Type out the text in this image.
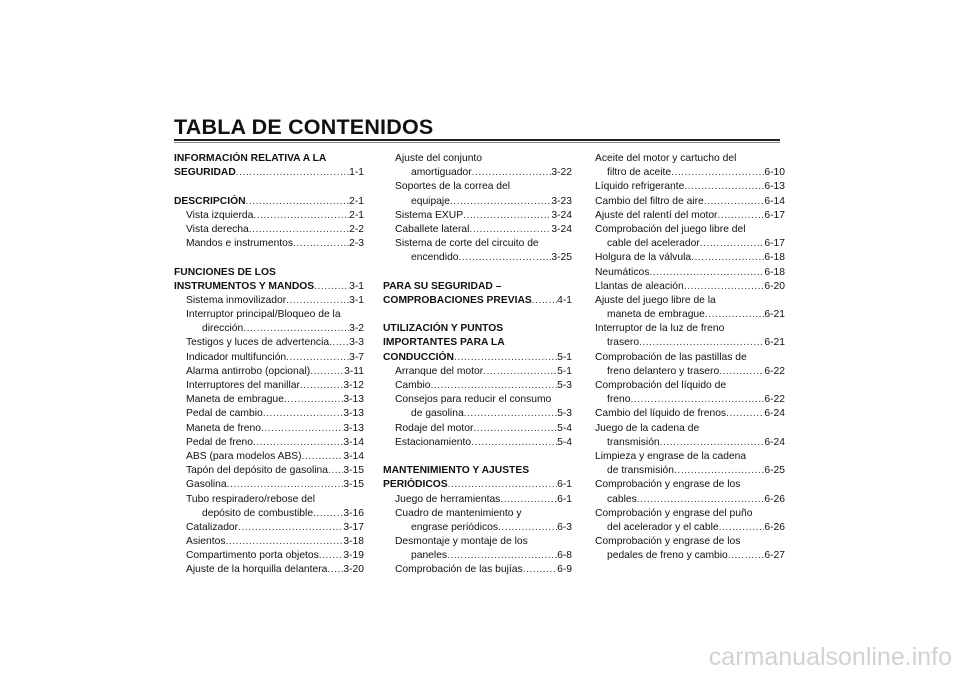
TABLA DE CONTENIDOS
INFORMACIÓN RELATIVA A LA
SEGURIDAD .....	1-1
DESCRIPCIÓN .....	2-1
Vista izquierda .....	2-1
Vista derecha .....	2-2
Mandos e instrumentos .....	2-3
FUNCIONES DE LOS
INSTRUMENTOS Y MANDOS .....	3-1
Sistema inmovilizador .....	3-1
Interruptor principal/Bloqueo de la
dirección .....	3-2
Testigos y luces de advertencia ..... 3-3
Indicador multifunción .....	3-7
Alarma antirrobo (opcional) .....	3-11
Interruptores del manillar .....	3-12
Maneta de embrague .....	3-13
Pedal de cambio .....	3-13
Maneta de freno .....	3-13
Pedal de freno .....	3-14
ABS (para modelos ABS) .....	3-14
Tapón del depósito de gasolina ..... 3-15
Gasolina .....	3-15
Tubo respiradero/rebose del
depósito de combustible .....	3-16
Catalizador .....	3-17
Asientos .....	3-18
Compartimento porta objetos ..... 3-19
Ajuste de la horquilla delantera ..... 3-20
Ajuste del conjunto
amortiguador .....	3-22
Soportes de la correa del
equipaje .....	3-23
Sistema EXUP .....	3-24
Caballete lateral .....	3-24
Sistema de corte del circuito de
encendido .....	3-25
PARA SU SEGURIDAD –
COMPROBACIONES PREVIAS ..... 4-1
UTILIZACIÓN Y PUNTOS
IMPORTANTES PARA LA
CONDUCCIÓN .....	5-1
Arranque del motor .....	5-1
Cambio .....	5-3
Consejos para reducir el consumo
de gasolina .....	5-3
Rodaje del motor .....	5-4
Estacionamiento .....	5-4
MANTENIMIENTO Y AJUSTES
PERIÓDICOS .....	6-1
Juego de herramientas .....	6-1
Cuadro de mantenimiento y
engrase periódicos .....	6-3
Desmontaje y montaje de los
paneles .....	6-8
Comprobación de las bujías .....	6-9
Aceite del motor y cartucho del
filtro de aceite .....	6-10
Líquido refrigerante .....	6-13
Cambio del filtro de aire .....	6-14
Ajuste del ralentí del motor .....	6-17
Comprobación del juego libre del
cable del acelerador .....	6-17
Holgura de la válvula .....	6-18
Neumáticos .....	6-18
Llantas de aleación .....	6-20
Ajuste del juego libre de la
maneta de embrague .....	6-21
Interruptor de la luz de freno
trasero .....	6-21
Comprobación de las pastillas de
freno delantero y trasero .....	6-22
Comprobación del líquido de
freno .....	6-22
Cambio del líquido de frenos .....	6-24
Juego de la cadena de
transmisión .....	6-24
Limpieza y engrase de la cadena
de transmisión .....	6-25
Comprobación y engrase de los
cables .....	6-26
Comprobación y engrase del puño
del acelerador y el cable .....	6-26
Comprobación y engrase de los
pedales de freno y cambio .....	6-27
carmanualsonline.info
